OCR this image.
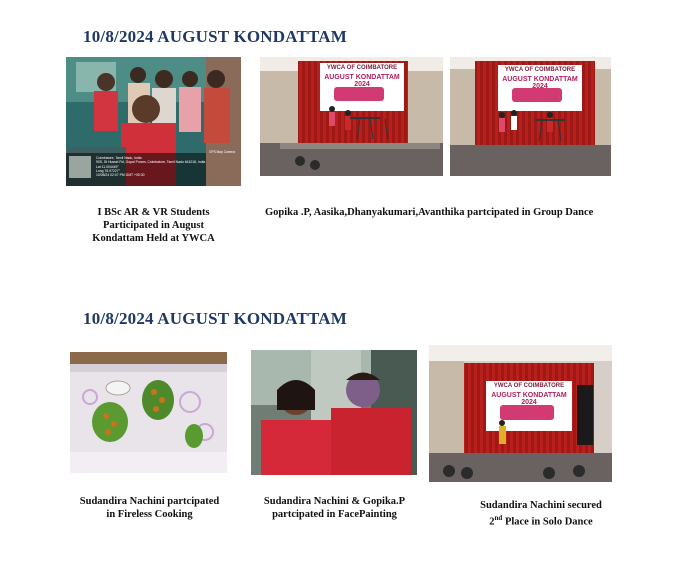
10/8/2024 AUGUST KONDATTAM
Coimbatore, Tamil Nadu, India
90S, St Hussel Rd, Gopal Puram, Coimbatore, Tamil Nadu 641018, India
Lat 11.004449°
Long 76.97227°
10/08/24 02:07 PM GMT +05:30
GPS Map Camera
YWCA OF COIMBATORE
AUGUST KONDATTAM 2024
YWCA OF COIMBATORE
AUGUST KONDATTAM 2024
I BSc AR & VR Students
Participated in August
Kondattam Held at YWCA
Gopika .P, Aasika,Dhanyakumari,Avanthika partcipated in Group Dance
10/8/2024 AUGUST KONDATTAM
YWCA OF COIMBATORE
AUGUST KONDATTAM 2024
Sudandira Nachini partcipated
in Fireless Cooking
Sudandira Nachini & Gopika.P
partcipated in FacePainting
Sudandira Nachini secured
2nd Place in Solo Dance
